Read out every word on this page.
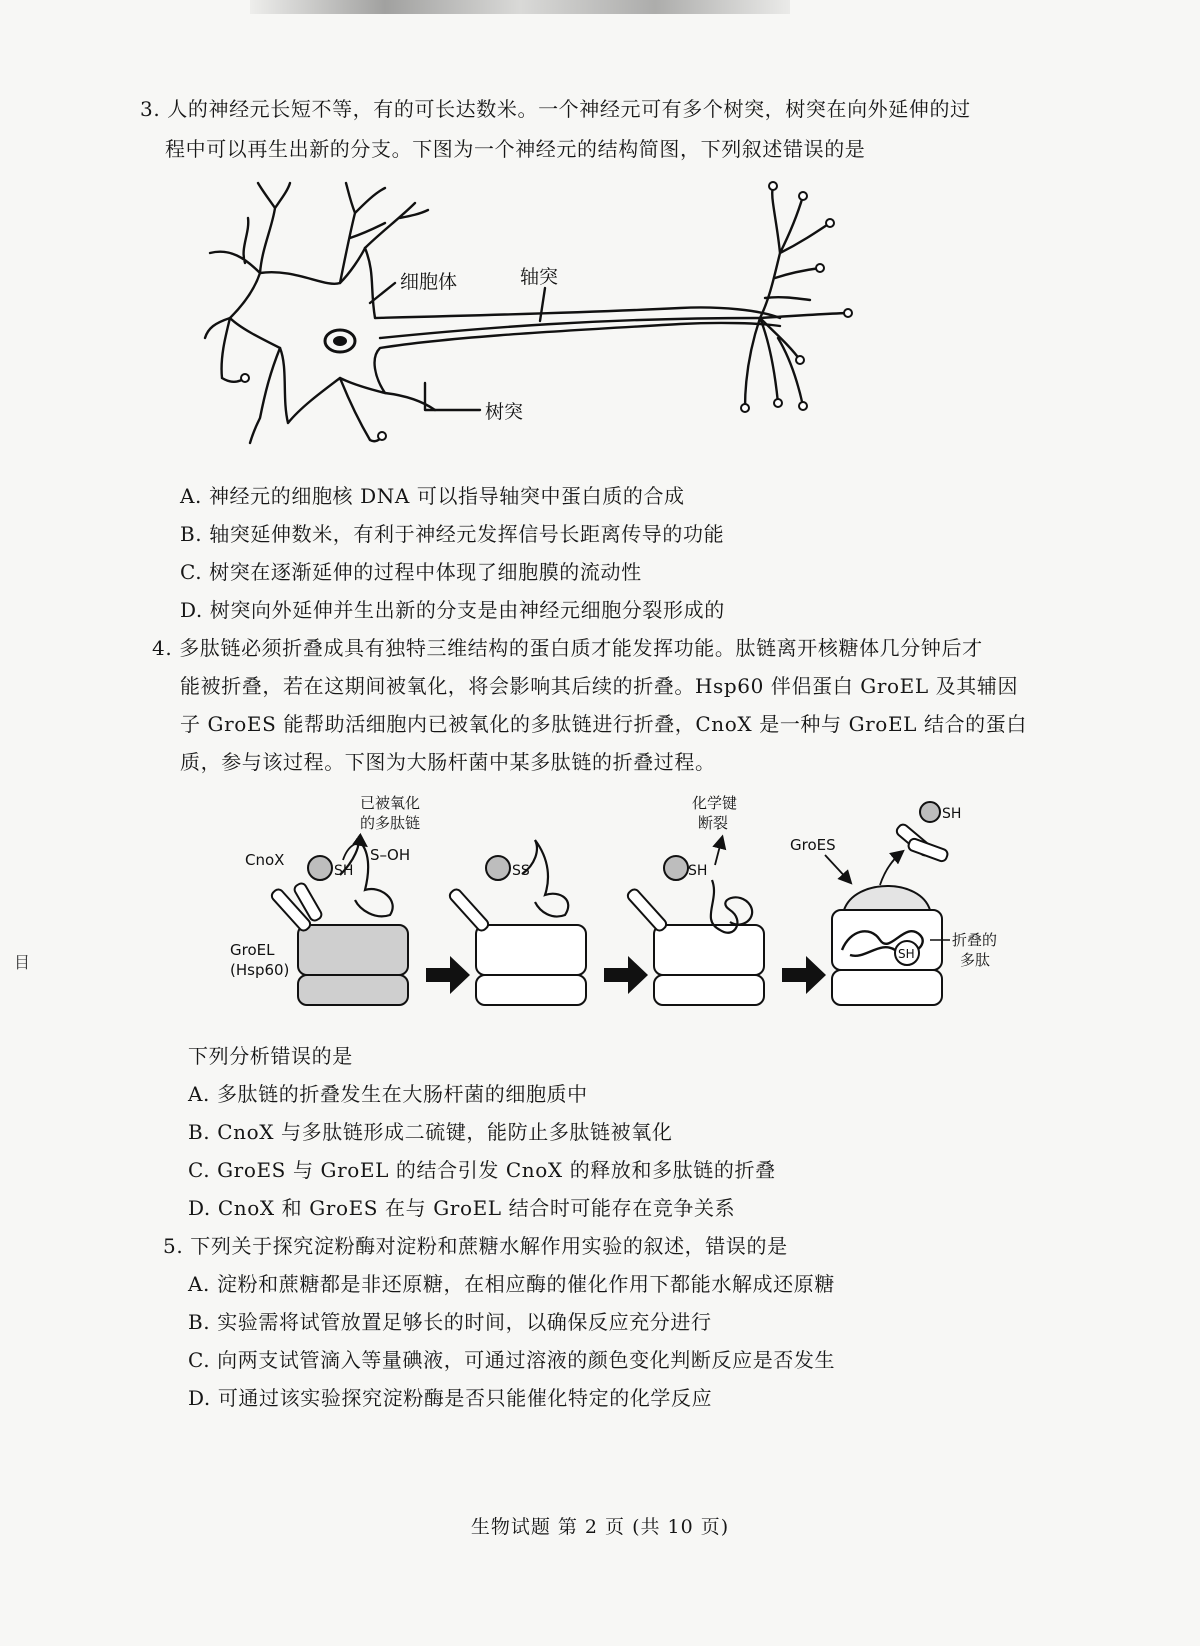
目

3. 人的神经元长短不等，有的可长达数米。一个神经元可有多个树突，树突在向外延伸的过

程中可以再生出新的分支。下图为一个神经元的结构简图，下列叙述错误的是

细胞体	轴突
树突

A. 神经元的细胞核 DNA 可以指导轴突中蛋白质的合成

B. 轴突延伸数米，有利于神经元发挥信号长距离传导的功能

C. 树突在逐渐延伸的过程中体现了细胞膜的流动性

D. 树突向外延伸并生出新的分支是由神经元细胞分裂形成的

4. 多肽链必须折叠成具有独特三维结构的蛋白质才能发挥功能。肽链离开核糖体几分钟后才

能被折叠，若在这期间被氧化，将会影响其后续的折叠。Hsp60 伴侣蛋白 GroEL 及其辅因

子 GroES 能帮助活细胞内已被氧化的多肽链进行折叠，CnoX 是一种与 GroEL 结合的蛋白

质，参与该过程。下图为大肠杆菌中某多肽链的折叠过程。

已被氧化
的多肽链
S–OH
CnoX
SH
GroEL
(Hsp60)
SS
化学键
断裂
SH
SH
GroES
SH
折叠的
多肽

下列分析错误的是

A. 多肽链的折叠发生在大肠杆菌的细胞质中

B. CnoX 与多肽链形成二硫键，能防止多肽链被氧化

C. GroES 与 GroEL 的结合引发 CnoX 的释放和多肽链的折叠

D. CnoX 和 GroES 在与 GroEL 结合时可能存在竞争关系

5. 下列关于探究淀粉酶对淀粉和蔗糖水解作用实验的叙述，错误的是

A. 淀粉和蔗糖都是非还原糖，在相应酶的催化作用下都能水解成还原糖

B. 实验需将试管放置足够长的时间，以确保反应充分进行

C. 向两支试管滴入等量碘液，可通过溶液的颜色变化判断反应是否发生

D. 可通过该实验探究淀粉酶是否只能催化特定的化学反应

生物试题 第 2 页 (共 10 页)
